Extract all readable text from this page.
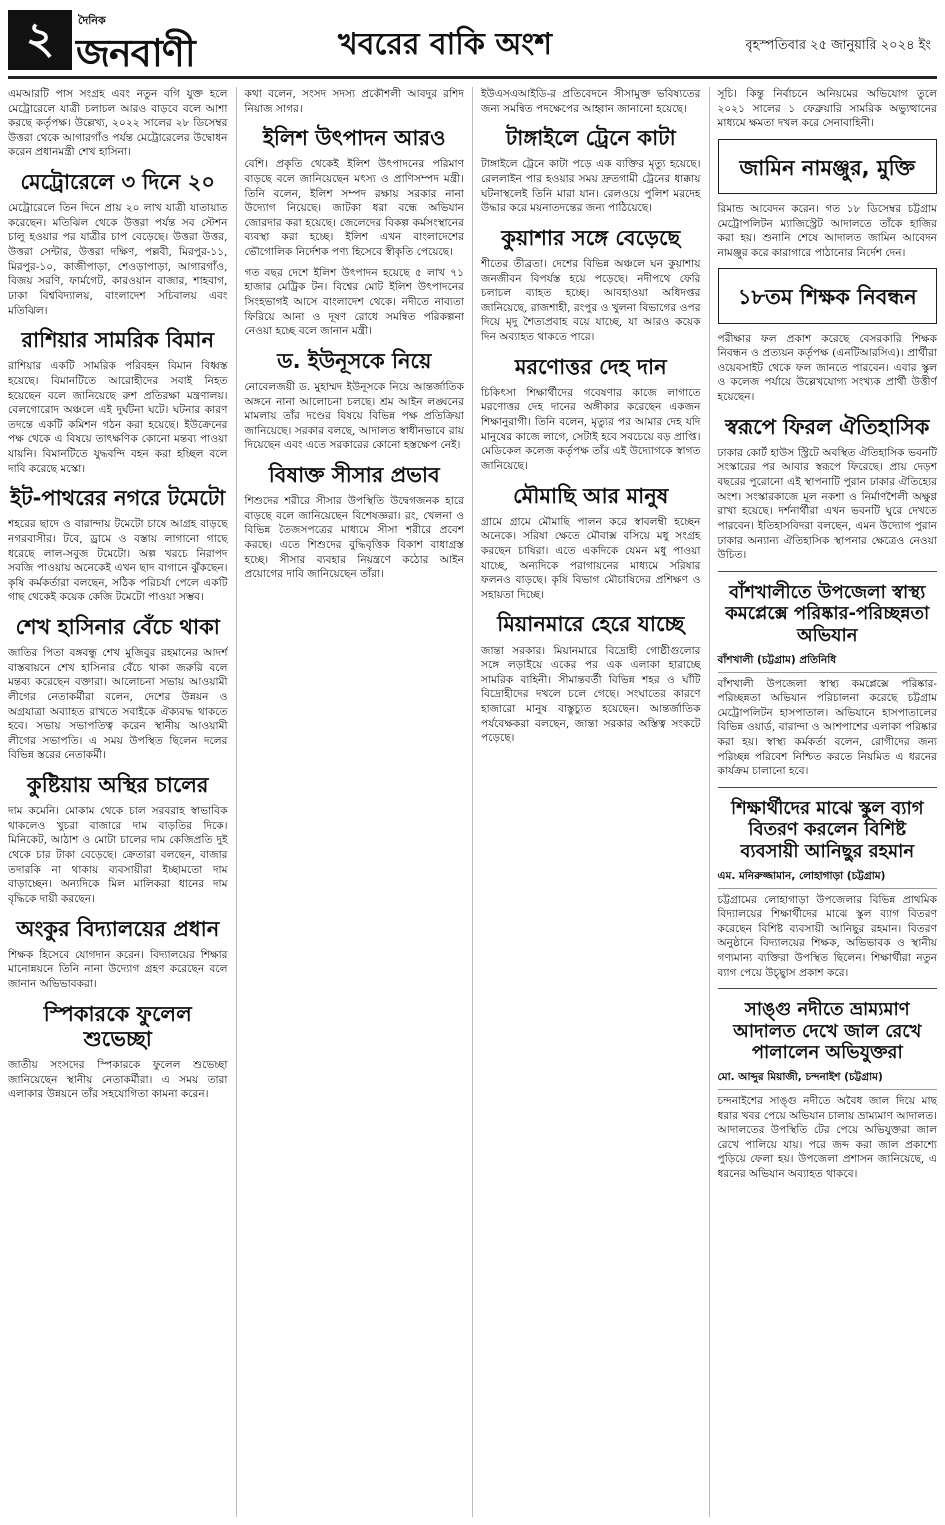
২	দৈনিক
জনবাণী	খবরের বাকি অংশ	বৃহস্পতিবার ২৫ জানুয়ারি ২০২৪ ইং

এমআরটি পাস সংগ্রহ এবং নতুন বগি যুক্ত হলে মেট্রোরেলে যাত্রী চলাচল আরও বাড়বে বলে আশা করছে কর্তৃপক্ষ। উল্লেখ্য, ২০২২ সালের ২৮ ডিসেম্বর উত্তরা থেকে আগারগাঁও পর্যন্ত মেট্রোরেলের উদ্বোধন করেন প্রধানমন্ত্রী শেখ হাসিনা।

মেট্রোরেলে ৩ দিনে ২০

মেট্রোরেলে তিন দিনে প্রায় ২০ লাখ যাত্রী যাতায়াত করেছেন। মতিঝিল থেকে উত্তরা পর্যন্ত সব স্টেশন চালু হওয়ার পর যাত্রীর চাপ বেড়েছে। উত্তরা উত্তর, উত্তরা সেন্টার, উত্তরা দক্ষিণ, পল্লবী, মিরপুর-১১, মিরপুর-১০, কাজীপাড়া, শেওড়াপাড়া, আগারগাঁও, বিজয় সরণি, ফার্মগেট, কারওয়ান বাজার, শাহবাগ, ঢাকা বিশ্ববিদ্যালয়, বাংলাদেশ সচিবালয় এবং মতিঝিল।

রাশিয়ার সামরিক বিমান

রাশিয়ার একটি সামরিক পরিবহন বিমান বিধ্বস্ত হয়েছে। বিমানটিতে আরোহীদের সবাই নিহত হয়েছেন বলে জানিয়েছে রুশ প্রতিরক্ষা মন্ত্রণালয়। বেলগোরোদ অঞ্চলে এই দুর্ঘটনা ঘটে। ঘটনার কারণ তদন্তে একটি কমিশন গঠন করা হয়েছে। ইউক্রেনের পক্ষ থেকে এ বিষয়ে তাৎক্ষণিক কোনো মন্তব্য পাওয়া যায়নি। বিমানটিতে যুদ্ধবন্দি বহন করা হচ্ছিল বলে দাবি করেছে মস্কো।

ইট-পাথরের নগরে টমেটো

শহরের ছাদে ও বারান্দায় টমেটো চাষে আগ্রহ বাড়ছে নগরবাসীর। টবে, ড্রামে ও বস্তায় লাগানো গাছে ধরেছে লাল-সবুজ টমেটো। অল্প খরচে নিরাপদ সবজি পাওয়ায় অনেকেই এখন ছাদ বাগানে ঝুঁকছেন। কৃষি কর্মকর্তারা বলছেন, সঠিক পরিচর্যা পেলে একটি গাছ থেকেই কয়েক কেজি টমেটো পাওয়া সম্ভব।

শেখ হাসিনার বেঁচে থাকা

জাতির পিতা বঙ্গবন্ধু শেখ মুজিবুর রহমানের আদর্শ বাস্তবায়নে শেখ হাসিনার বেঁচে থাকা জরুরি বলে মন্তব্য করেছেন বক্তারা। আলোচনা সভায় আওয়ামী লীগের নেতাকর্মীরা বলেন, দেশের উন্নয়ন ও অগ্রযাত্রা অব্যাহত রাখতে সবাইকে ঐক্যবদ্ধ থাকতে হবে। সভায় সভাপতিত্ব করেন স্থানীয় আওয়ামী লীগের সভাপতি। এ সময় উপস্থিত ছিলেন দলের বিভিন্ন স্তরের নেতাকর্মী।

কুষ্টিয়ায় অস্থির চালের

দাম কমেনি। মোকাম থেকে চাল সরবরাহ স্বাভাবিক থাকলেও খুচরা বাজারে দাম বাড়তির দিকে। মিনিকেট, আঠাশ ও মোটা চালের দাম কেজিপ্রতি দুই থেকে চার টাকা বেড়েছে। ক্রেতারা বলছেন, বাজার তদারকি না থাকায় ব্যবসায়ীরা ইচ্ছামতো দাম বাড়াচ্ছেন। অন্যদিকে মিল মালিকরা ধানের দাম বৃদ্ধিকে দায়ী করছেন।

অংকুর বিদ্যালয়ের প্রধান

শিক্ষক হিসেবে যোগদান করেন। বিদ্যালয়ের শিক্ষার মানোন্নয়নে তিনি নানা উদ্যোগ গ্রহণ করেছেন বলে জানান অভিভাবকরা।

স্পিকারকে ফুলেল শুভেচ্ছা

জাতীয় সংসদের স্পিকারকে ফুলেল শুভেচ্ছা জানিয়েছেন স্থানীয় নেতাকর্মীরা। এ সময় তারা এলাকার উন্নয়নে তাঁর সহযোগিতা কামনা করেন।

কথা বলেন, সংসদ সদস্য প্রকৌশলী আবদুর রশিদ নিয়াজ সাগর।

ইলিশ উৎপাদন আরও

বেশি। প্রকৃতি থেকেই ইলিশ উৎপাদনের পরিমাণ বাড়ছে বলে জানিয়েছেন মৎস্য ও প্রাণিসম্পদ মন্ত্রী। তিনি বলেন, ইলিশ সম্পদ রক্ষায় সরকার নানা উদ্যোগ নিয়েছে। জাটকা ধরা বন্ধে অভিযান জোরদার করা হয়েছে। জেলেদের বিকল্প কর্মসংস্থানের ব্যবস্থা করা হচ্ছে। ইলিশ এখন বাংলাদেশের ভৌগোলিক নির্দেশক পণ্য হিসেবে স্বীকৃতি পেয়েছে।

গত বছর দেশে ইলিশ উৎপাদন হয়েছে ৫ লাখ ৭১ হাজার মেট্রিক টন। বিশ্বের মোট ইলিশ উৎপাদনের সিংহভাগই আসে বাংলাদেশ থেকে। নদীতে নাব্যতা ফিরিয়ে আনা ও দূষণ রোধে সমন্বিত পরিকল্পনা নেওয়া হচ্ছে বলে জানান মন্ত্রী।

ড. ইউনূসকে নিয়ে

নোবেলজয়ী ড. মুহাম্মদ ইউনূসকে নিয়ে আন্তর্জাতিক অঙ্গনে নানা আলোচনা চলছে। শ্রম আইন লঙ্ঘনের মামলায় তাঁর দণ্ডের বিষয়ে বিভিন্ন পক্ষ প্রতিক্রিয়া জানিয়েছে। সরকার বলছে, আদালত স্বাধীনভাবে রায় দিয়েছেন এবং এতে সরকারের কোনো হস্তক্ষেপ নেই।

বিষাক্ত সীসার প্রভাব

শিশুদের শরীরে সীসার উপস্থিতি উদ্বেগজনক হারে বাড়ছে বলে জানিয়েছেন বিশেষজ্ঞরা। রং, খেলনা ও বিভিন্ন তৈজসপত্রের মাধ্যমে সীসা শরীরে প্রবেশ করছে। এতে শিশুদের বুদ্ধিবৃত্তিক বিকাশ বাধাগ্রস্ত হচ্ছে। সীসার ব্যবহার নিয়ন্ত্রণে কঠোর আইন প্রয়োগের দাবি জানিয়েছেন তাঁরা।

ইউএসএআইডি-র প্রতিবেদনে সীসামুক্ত ভবিষ্যতের জন্য সমন্বিত পদক্ষেপের আহ্বান জানানো হয়েছে।

টাঙ্গাইলে ট্রেনে কাটা

টাঙ্গাইলে ট্রেনে কাটা পড়ে এক ব্যক্তির মৃত্যু হয়েছে। রেললাইন পার হওয়ার সময় দ্রুতগামী ট্রেনের ধাক্কায় ঘটনাস্থলেই তিনি মারা যান। রেলওয়ে পুলিশ মরদেহ উদ্ধার করে ময়নাতদন্তের জন্য পাঠিয়েছে।

কুয়াশার সঙ্গে বেড়েছে

শীতের তীব্রতা। দেশের বিভিন্ন অঞ্চলে ঘন কুয়াশায় জনজীবন বিপর্যস্ত হয়ে পড়েছে। নদীপথে ফেরি চলাচল ব্যাহত হচ্ছে। আবহাওয়া অধিদপ্তর জানিয়েছে, রাজশাহী, রংপুর ও খুলনা বিভাগের ওপর দিয়ে মৃদু শৈত্যপ্রবাহ বয়ে যাচ্ছে, যা আরও কয়েক দিন অব্যাহত থাকতে পারে।

মরণোত্তর দেহ দান

চিকিৎসা শিক্ষার্থীদের গবেষণার কাজে লাগাতে মরণোত্তর দেহ দানের অঙ্গীকার করেছেন একজন শিক্ষানুরাগী। তিনি বলেন, মৃত্যুর পর আমার দেহ যদি মানুষের কাজে লাগে, সেটাই হবে সবচেয়ে বড় প্রাপ্তি। মেডিকেল কলেজ কর্তৃপক্ষ তাঁর এই উদ্যোগকে স্বাগত জানিয়েছে।

মৌমাছি আর মানুষ

গ্রামে গ্রামে মৌমাছি পালন করে স্বাবলম্বী হচ্ছেন অনেকে। সরিষা ক্ষেতে মৌবাক্স বসিয়ে মধু সংগ্রহ করছেন চাষিরা। এতে একদিকে যেমন মধু পাওয়া যাচ্ছে, অন্যদিকে পরাগায়নের মাধ্যমে সরিষার ফলনও বাড়ছে। কৃষি বিভাগ মৌচাষিদের প্রশিক্ষণ ও সহায়তা দিচ্ছে।

মিয়ানমারে হেরে যাচ্ছে

জান্তা সরকার। মিয়ানমারে বিদ্রোহী গোষ্ঠীগুলোর সঙ্গে লড়াইয়ে একের পর এক এলাকা হারাচ্ছে সামরিক বাহিনী। সীমান্তবর্তী বিভিন্ন শহর ও ঘাঁটি বিদ্রোহীদের দখলে চলে গেছে। সংঘাতের কারণে হাজারো মানুষ বাস্তুচ্যুত হয়েছেন। আন্তর্জাতিক পর্যবেক্ষকরা বলছেন, জান্তা সরকার অস্তিত্ব সংকটে পড়েছে।

সূচি। কিন্তু নির্বাচনে অনিয়মের অভিযোগ তুলে ২০২১ সালের ১ ফেব্রুয়ারি সামরিক অভ্যুত্থানের মাধ্যমে ক্ষমতা দখল করে সেনাবাহিনী।

জামিন নামঞ্জুর, মুক্তি

রিমান্ড আবেদন করেন। গত ১৮ ডিসেম্বর চট্টগ্রাম মেট্রোপলিটন ম্যাজিস্ট্রেট আদালতে তাঁকে হাজির করা হয়। শুনানি শেষে আদালত জামিন আবেদন নামঞ্জুর করে কারাগারে পাঠানোর নির্দেশ দেন।

১৮তম শিক্ষক নিবন্ধন

পরীক্ষার ফল প্রকাশ করেছে বেসরকারি শিক্ষক নিবন্ধন ও প্রত্যয়ন কর্তৃপক্ষ (এনটিআরসিএ)। প্রার্থীরা ওয়েবসাইট থেকে ফল জানতে পারবেন। এবার স্কুল ও কলেজ পর্যায়ে উল্লেখযোগ্য সংখ্যক প্রার্থী উত্তীর্ণ হয়েছেন।

স্বরূপে ফিরল ঐতিহাসিক

ঢাকার কোর্ট হাউস স্ট্রিটে অবস্থিত ঐতিহাসিক ভবনটি সংস্কারের পর আবার স্বরূপে ফিরেছে। প্রায় দেড়শ বছরের পুরোনো এই স্থাপনাটি পুরান ঢাকার ঐতিহ্যের অংশ। সংস্কারকাজে মূল নকশা ও নির্মাণশৈলী অক্ষুণ্ণ রাখা হয়েছে। দর্শনার্থীরা এখন ভবনটি ঘুরে দেখতে পারবেন। ইতিহাসবিদরা বলছেন, এমন উদ্যোগ পুরান ঢাকার অন্যান্য ঐতিহাসিক স্থাপনার ক্ষেত্রেও নেওয়া উচিত।

বাঁশখালীতে উপজেলা স্বাস্থ্য কমপ্লেক্সে পরিষ্কার-পরিচ্ছন্নতা অভিযান
বাঁশখালী (চট্টগ্রাম) প্রতিনিধি

বাঁশখালী উপজেলা স্বাস্থ্য কমপ্লেক্সে পরিষ্কার-পরিচ্ছন্নতা অভিযান পরিচালনা করেছে চট্টগ্রাম মেট্রোপলিটন হাসপাতাল। অভিযানে হাসপাতালের বিভিন্ন ওয়ার্ড, বারান্দা ও আশপাশের এলাকা পরিষ্কার করা হয়। স্বাস্থ্য কর্মকর্তা বলেন, রোগীদের জন্য পরিচ্ছন্ন পরিবেশ নিশ্চিত করতে নিয়মিত এ ধরনের কার্যক্রম চালানো হবে।

শিক্ষার্থীদের মাঝে স্কুল ব্যাগ বিতরণ করলেন বিশিষ্ট ব্যবসায়ী আনিছুর রহমান
এম. মনিরুজ্জামান, লোহাগাড়া (চট্টগ্রাম)

চট্টগ্রামের লোহাগাড়া উপজেলার বিভিন্ন প্রাথমিক বিদ্যালয়ের শিক্ষার্থীদের মাঝে স্কুল ব্যাগ বিতরণ করেছেন বিশিষ্ট ব্যবসায়ী আনিছুর রহমান। বিতরণ অনুষ্ঠানে বিদ্যালয়ের শিক্ষক, অভিভাবক ও স্থানীয় গণ্যমান্য ব্যক্তিরা উপস্থিত ছিলেন। শিক্ষার্থীরা নতুন ব্যাগ পেয়ে উচ্ছ্বাস প্রকাশ করে।

সাঙ্গু নদীতে ভ্রাম্যমাণ আদালত দেখে জাল রেখে পালালেন অভিযুক্তরা
মো. আব্দুর মিয়াজী, চন্দনাইশ (চট্টগ্রাম)

চন্দনাইশের সাঙ্গু নদীতে অবৈধ জাল দিয়ে মাছ ধরার খবর পেয়ে অভিযান চালায় ভ্রাম্যমাণ আদালত। আদালতের উপস্থিতি টের পেয়ে অভিযুক্তরা জাল রেখে পালিয়ে যায়। পরে জব্দ করা জাল প্রকাশ্যে পুড়িয়ে ফেলা হয়। উপজেলা প্রশাসন জানিয়েছে, এ ধরনের অভিযান অব্যাহত থাকবে।
